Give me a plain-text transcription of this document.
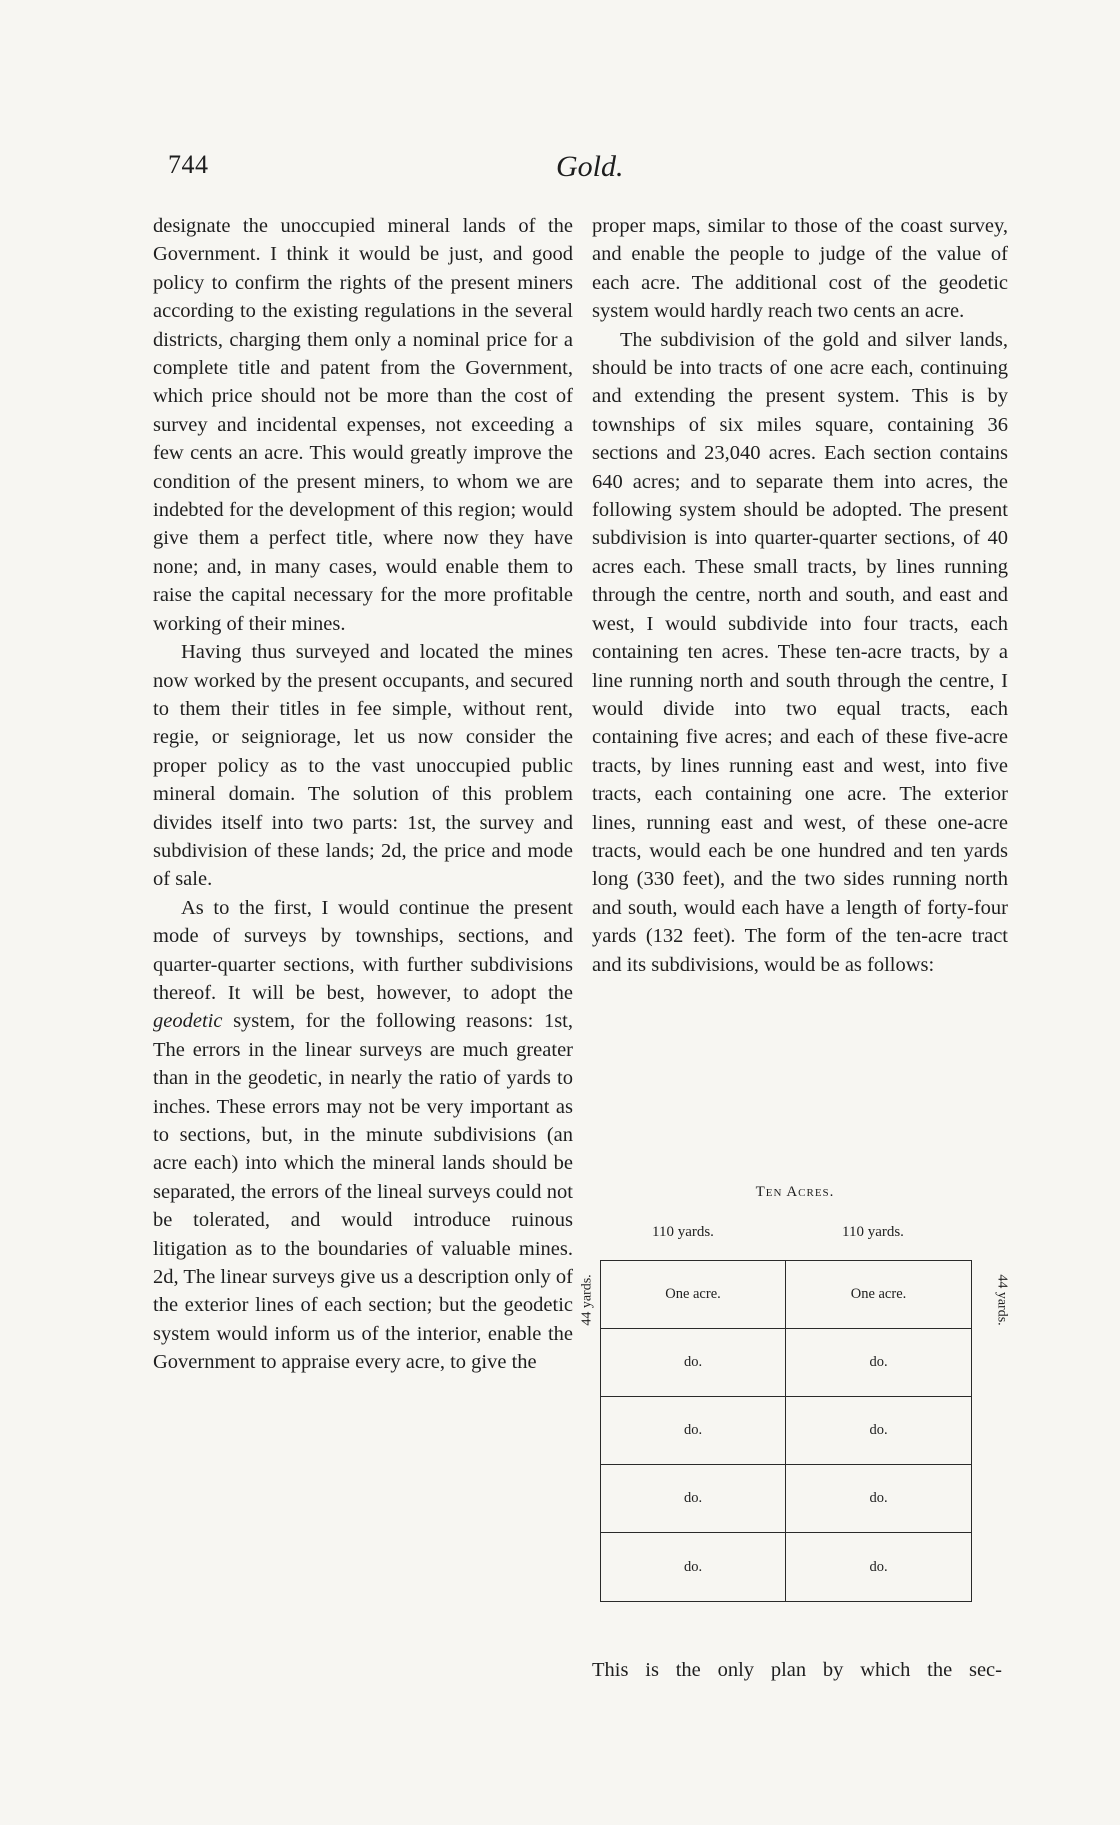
744	Gold.

designate the unoccupied mineral lands of the Government. I think it would be just, and good policy to confirm the rights of the present miners according to the existing regulations in the several districts, charging them only a nominal price for a complete title and patent from the Government, which price should not be more than the cost of survey and incidental expenses, not exceeding a few cents an acre. This would greatly improve the condition of the present miners, to whom we are indebted for the development of this region; would give them a perfect title, where now they have none; and, in many cases, would enable them to raise the capital necessary for the more profitable working of their mines.

Having thus surveyed and located the mines now worked by the present occupants, and secured to them their titles in fee simple, without rent, regie, or seigniorage, let us now consider the proper policy as to the vast unoccupied public mineral domain. The solution of this problem divides itself into two parts: 1st, the survey and subdivision of these lands; 2d, the price and mode of sale.

As to the first, I would continue the present mode of surveys by townships, sections, and quarter-quarter sections, with further subdivisions thereof. It will be best, however, to adopt the geodetic system, for the following reasons: 1st, The errors in the linear surveys are much greater than in the geodetic, in nearly the ratio of yards to inches. These errors may not be very important as to sections, but, in the minute subdivisions (an acre each) into which the mineral lands should be separated, the errors of the lineal surveys could not be tolerated, and would introduce ruinous litigation as to the boundaries of valuable mines. 2d, The linear surveys give us a description only of the exterior lines of each section; but the geodetic system would inform us of the interior, enable the Government to appraise every acre, to give the

proper maps, similar to those of the coast survey, and enable the people to judge of the value of each acre. The additional cost of the geodetic system would hardly reach two cents an acre.

The subdivision of the gold and silver lands, should be into tracts of one acre each, continuing and extending the present system. This is by townships of six miles square, containing 36 sections and 23,040 acres. Each section contains 640 acres; and to separate them into acres, the following system should be adopted. The present subdivision is into quarter-quarter sections, of 40 acres each. These small tracts, by lines running through the centre, north and south, and east and west, I would subdivide into four tracts, each containing ten acres. These ten-acre tracts, by a line running north and south through the centre, I would divide into two equal tracts, each containing five acres; and each of these five-acre tracts, by lines running east and west, into five tracts, each containing one acre. The exterior lines, running east and west, of these one-acre tracts, would each be one hundred and ten yards long (330 feet), and the two sides running north and south, would each have a length of forty-four yards (132 feet). The form of the ten-acre tract and its subdivisions, would be as follows:

This is the only plan by which the sec-
Ten Acres.
110 yards.	110 yards.
44 yards.	44 yards.
One acre.	One acre.
do.	do.
do.	do.
do.	do.
do.	do.
